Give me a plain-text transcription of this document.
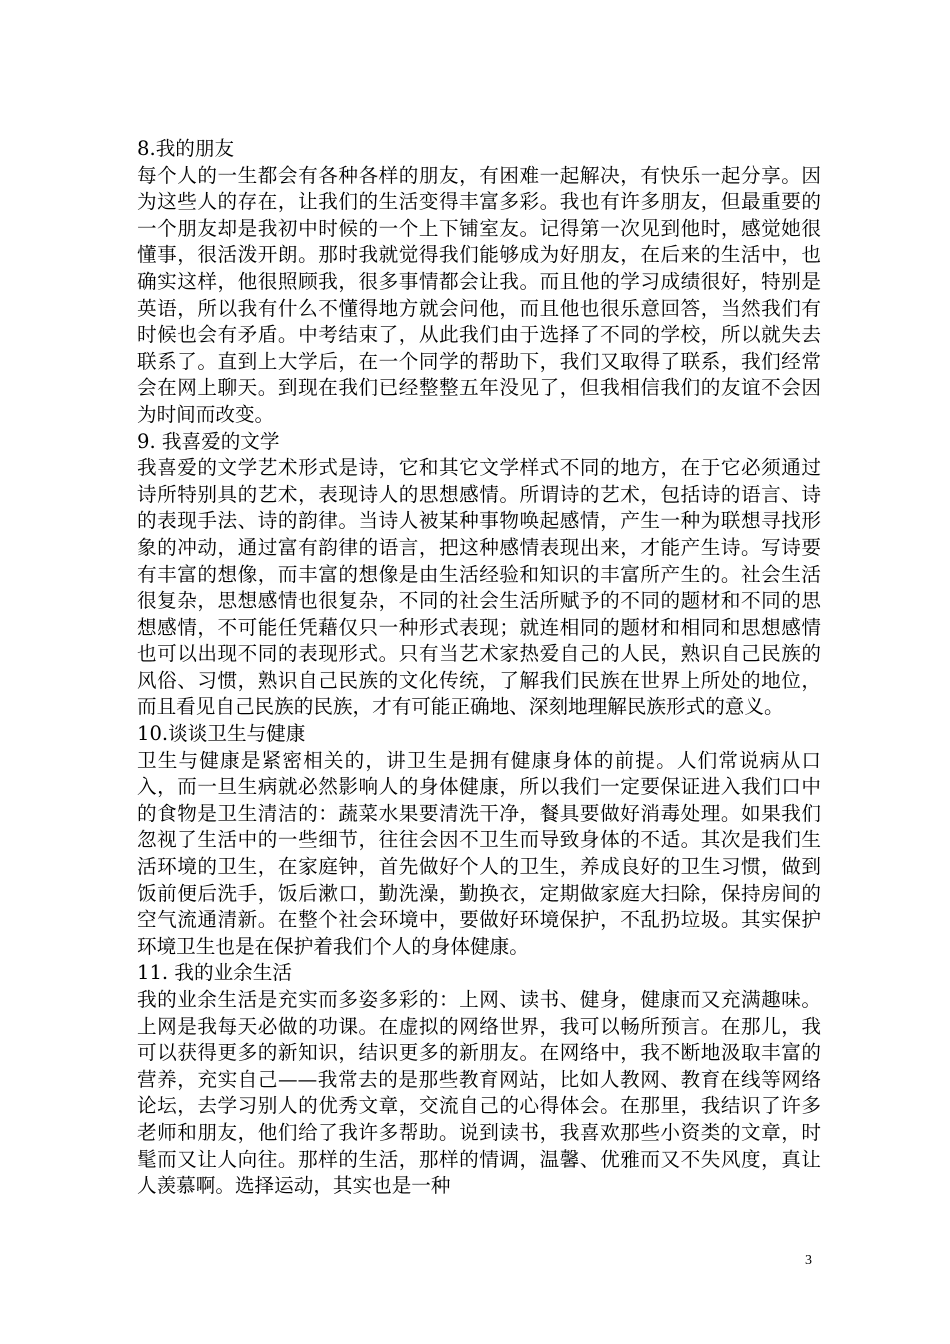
8.我的朋友

每个人的一生都会有各种各样的朋友，有困难一起解决，有快乐一起分享。因为这些人的存在，让我们的生活变得丰富多彩。我也有许多朋友，但最重要的一个朋友却是我初中时候的一个上下铺室友。记得第一次见到他时，感觉她很懂事，很活泼开朗。那时我就觉得我们能够成为好朋友，在后来的生活中，也确实这样，他很照顾我，很多事情都会让我。而且他的学习成绩很好，特别是英语，所以我有什么不懂得地方就会问他，而且他也很乐意回答，当然我们有时候也会有矛盾。中考结束了，从此我们由于选择了不同的学校，所以就失去联系了。直到上大学后，在一个同学的帮助下，我们又取得了联系，我们经常会在网上聊天。到现在我们已经整整五年没见了，但我相信我们的友谊不会因为时间而改变。

9. 我喜爱的文学

我喜爱的文学艺术形式是诗，它和其它文学样式不同的地方，在于它必须通过诗所特别具的艺术，表现诗人的思想感情。所谓诗的艺术，包括诗的语言、诗的表现手法、诗的韵律。当诗人被某种事物唤起感情，产生一种为联想寻找形象的冲动，通过富有韵律的语言，把这种感情表现出来，才能产生诗。写诗要有丰富的想像，而丰富的想像是由生活经验和知识的丰富所产生的。社会生活很复杂，思想感情也很复杂，不同的社会生活所赋予的不同的题材和不同的思想感情，不可能任凭藉仅只一种形式表现；就连相同的题材和相同和思想感情也可以出现不同的表现形式。只有当艺术家热爱自己的人民，熟识自己民族的风俗、习惯，熟识自己民族的文化传统，了解我们民族在世界上所处的地位，而且看见自己民族的民族，才有可能正确地、深刻地理解民族形式的意义。

10.谈谈卫生与健康

卫生与健康是紧密相关的，讲卫生是拥有健康身体的前提。人们常说病从口入，而一旦生病就必然影响人的身体健康，所以我们一定要保证进入我们口中的食物是卫生清洁的：蔬菜水果要清洗干净，餐具要做好消毒处理。如果我们忽视了生活中的一些细节，往往会因不卫生而导致身体的不适。其次是我们生活环境的卫生，在家庭钟，首先做好个人的卫生，养成良好的卫生习惯，做到饭前便后洗手，饭后漱口，勤洗澡，勤换衣，定期做家庭大扫除，保持房间的空气流通清新。在整个社会环境中，要做好环境保护，不乱扔垃圾。其实保护环境卫生也是在保护着我们个人的身体健康。

11. 我的业余生活

我的业余生活是充实而多姿多彩的：上网、读书、健身，健康而又充满趣味。上网是我每天必做的功课。在虚拟的网络世界，我可以畅所预言。在那儿，我可以获得更多的新知识，结识更多的新朋友。在网络中，我不断地汲取丰富的营养，充实自己——我常去的是那些教育网站，比如人教网、教育在线等网络论坛，去学习别人的优秀文章，交流自己的心得体会。在那里，我结识了许多老师和朋友，他们给了我许多帮助。说到读书，我喜欢那些小资类的文章，时髦而又让人向往。那样的生活，那样的情调，温馨、优雅而又不失风度，真让人羡慕啊。选择运动，其实也是一种

3
